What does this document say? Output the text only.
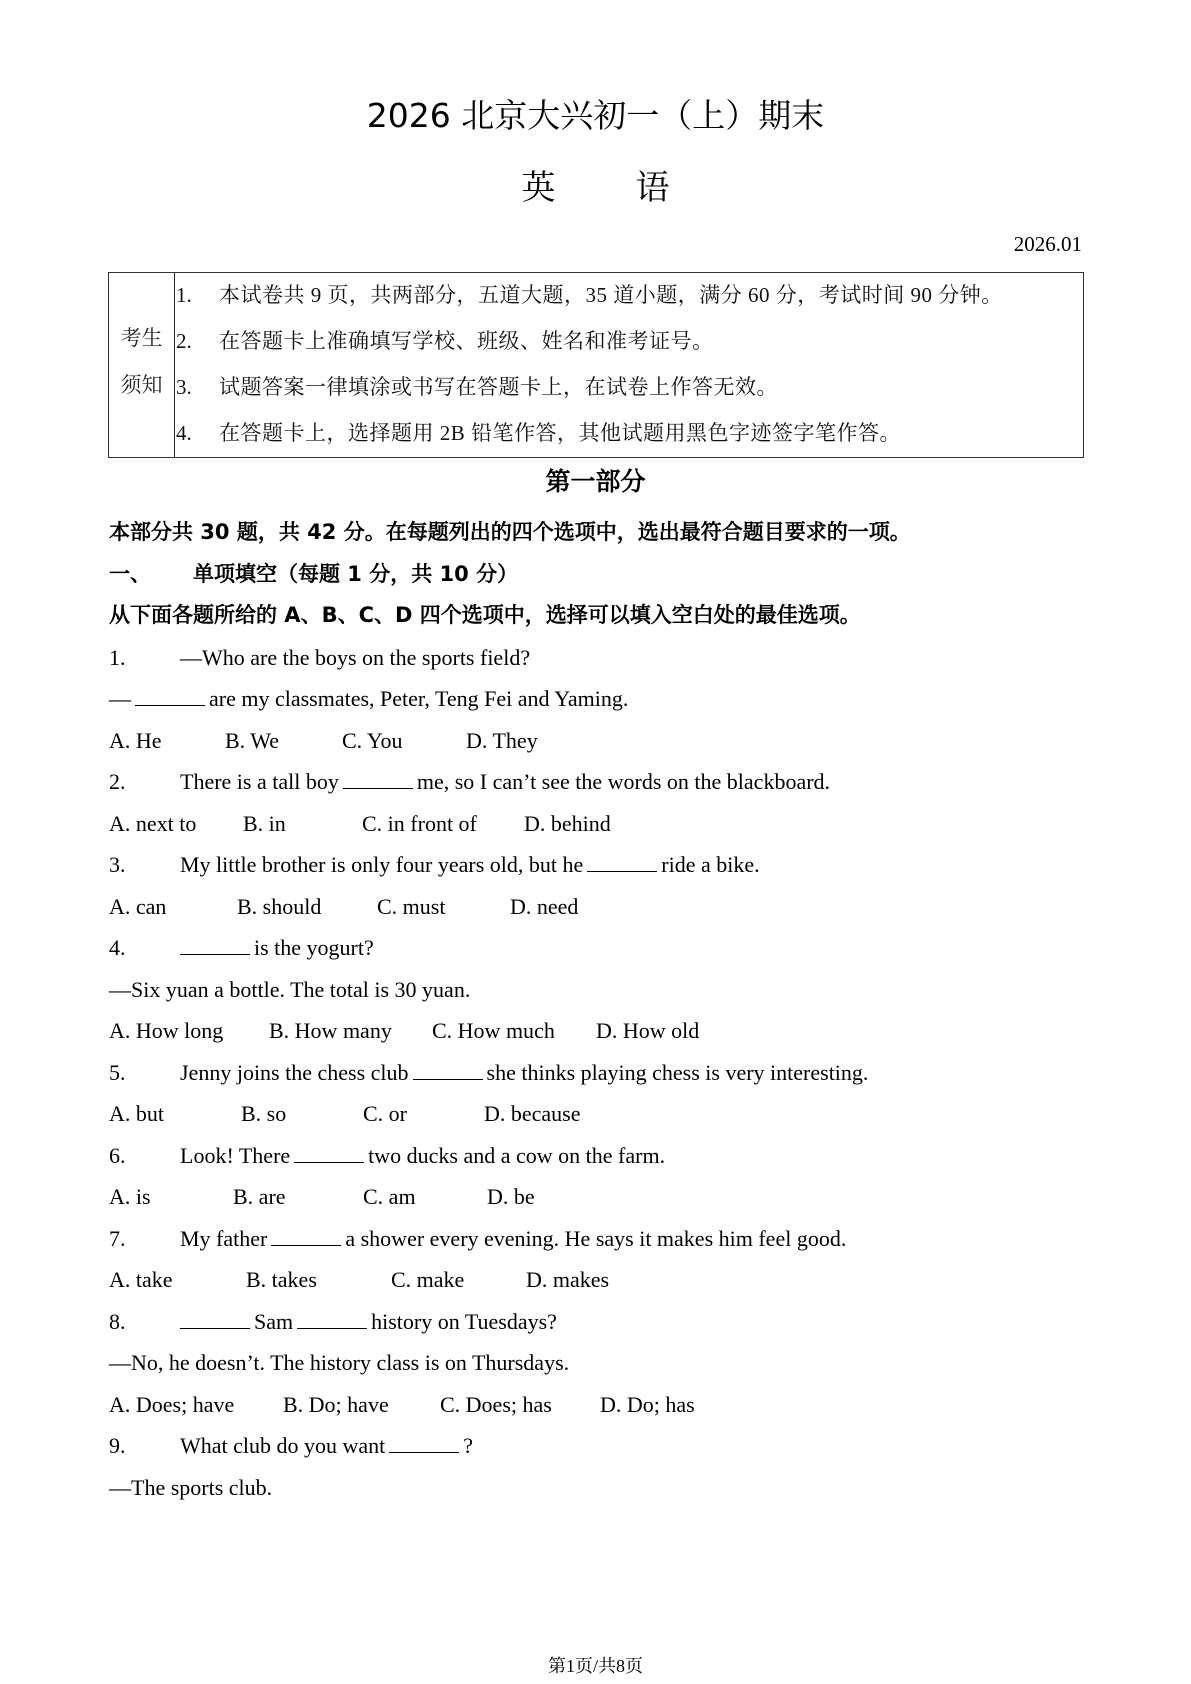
2026 北京大兴初一（上）期末
英 语
2026.01
考生
须知
1.	本试卷共 9 页，共两部分，五道大题，35 道小题，满分 60 分，考试时间 90 分钟。
2.	在答题卡上准确填写学校、班级、姓名和准考证号。
3.	试题答案一律填涂或书写在答题卡上，在试卷上作答无效。
4.	在答题卡上，选择题用 2B 铅笔作答，其他试题用黑色字迹签字笔作答。
第一部分
本部分共 30 题，共 42 分。在每题列出的四个选项中，选出最符合题目要求的一项。
一、 单项填空（每题 1 分，共 10 分）
从下面各题所给的 A、B、C、D 四个选项中，选择可以填入空白处的最佳选项。
1. —Who are the boys on the sports field?
—	are my classmates, Peter, Teng Fei and Yaming.
A. He	B. We	C. You	D. They
2. There is a tall boy	me, so I can’t see the words on the blackboard.
A. next to B. in	C. in front of D. behind
3. My little brother is only four years old, but he	ride a bike.
A. can	B. should	C. must	D. need
4.	is the yogurt?
—Six yuan a bottle. The total is 30 yuan.
A. How long B. How many C. How much D. How old
5. Jenny joins the chess club	she thinks playing chess is very interesting.
A. but	B. so	C. or	D. because
6. Look! There	two ducks and a cow on the farm.
A. is	B. are	C. am	D. be
7. My father	a shower every evening. He says it makes him feel good.
A. take	B. takes	C. make	D. makes
8.	Sam	history on Tuesdays?
—No, he doesn’t. The history class is on Thursdays.
A. Does; have B. Do; have C. Does; has D. Do; has
9. What club do you want	?
—The sports club.
第1页/共8页
